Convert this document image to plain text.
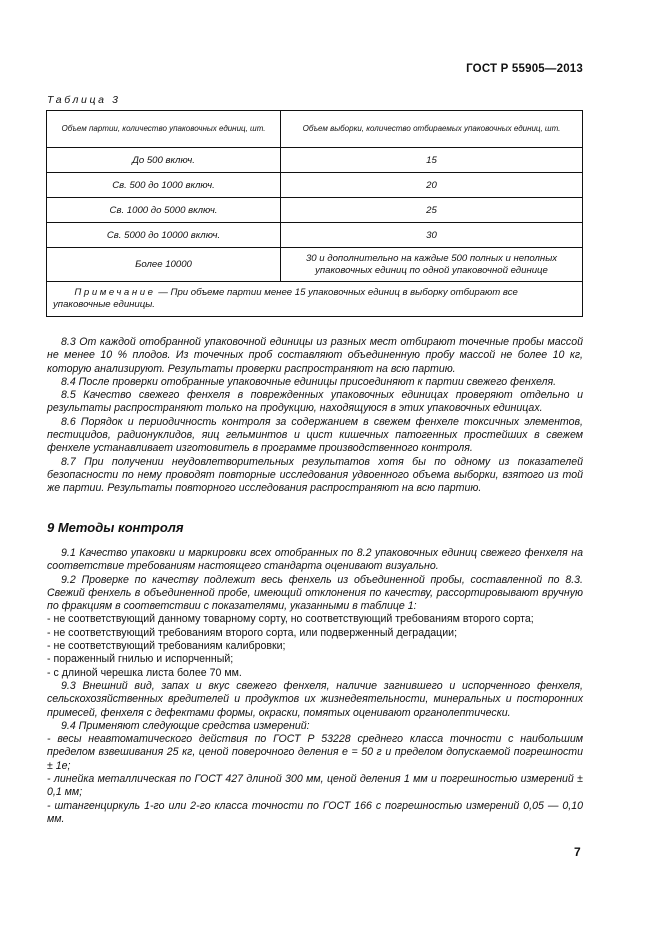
ГОСТ Р 55905—2013
Таблица 3
Объем партии, количество упаковочных единиц, шт.	Объем выборки, количество отбираемых упаковочных единиц, шт.
До 500 включ.	15
Св. 500 до 1000 включ.	20
Св. 1000 до 5000 включ.	25
Св. 5000 до 10000 включ.	30
Более 10000	30 и дополнительно на каждые 500 полных и неполных упаковочных единиц по одной упаковочной единице
Примечание — При объеме партии менее 15 упаковочных единиц в выборку отбирают все упаковочные единицы.	

8.3 От каждой отобранной упаковочной единицы из разных мест отбирают точечные пробы массой не менее 10 % плодов. Из точечных проб составляют объединенную пробу массой не более 10 кг, которую анализируют. Результаты проверки распространяют на всю партию.

8.4 После проверки отобранные упаковочные единицы присоединяют к партии свежего фенхеля.

8.5 Качество свежего фенхеля в поврежденных упаковочных единицах проверяют отдельно и результаты распространяют только на продукцию, находящуюся в этих упаковочных единицах.

8.6 Порядок и периодичность контроля за содержанием в свежем фенхеле токсичных элементов, пестицидов, радионуклидов, яиц гельминтов и цист кишечных патогенных простейших в свежем фенхеле устанавливает изготовитель в программе производственного контроля.

8.7 При получении неудовлетворительных результатов хотя бы по одному из показателей безопасности по нему проводят повторные исследования удвоенного объема выборки, взятого из той же партии. Результаты повторного исследования распространяют на всю партию.

9 Методы контроля

9.1 Качество упаковки и маркировки всех отобранных по 8.2 упаковочных единиц свежего фенхеля на соответствие требованиям настоящего стандарта оценивают визуально.

9.2 Проверке по качеству подлежит весь фенхель из объединенной пробы, составленной по 8.3. Свежий фенхель в объединенной пробе, имеющий отклонения по качеству, рассортировывают вручную по фракциям в соответствии с показателями, указанными в таблице 1:

- не соответствующий данному товарному сорту, но соответствующий требованиям второго сорта;

- не соответствующий требованиям второго сорта, или подверженный деградации;

- не соответствующий требованиям калибровки;

- пораженный гнилью и испорченный;

- с длиной черешка листа более 70 мм.

9.3 Внешний вид, запах и вкус свежего фенхеля, наличие загнившего и испорченного фенхеля, сельскохозяйственных вредителей и продуктов их жизнедеятельности, минеральных и посторонних примесей, фенхеля с дефектами формы, окраски, помятых оценивают органолептически.

9.4 Применяют следующие средства измерений:

- весы неавтоматического действия по ГОСТ Р 53228 среднего класса точности с наибольшим пределом взвешивания 25 кг, ценой поверочного деления е = 50 г и пределом допускаемой погрешности ± 1е;

- линейка металлическая по ГОСТ 427 длиной 300 мм, ценой деления 1 мм и погрешностью измерений ± 0,1 мм;

- штангенциркуль 1-го или 2-го класса точности по ГОСТ 166 с погрешностью измерений 0,05 — 0,10 мм.

7
